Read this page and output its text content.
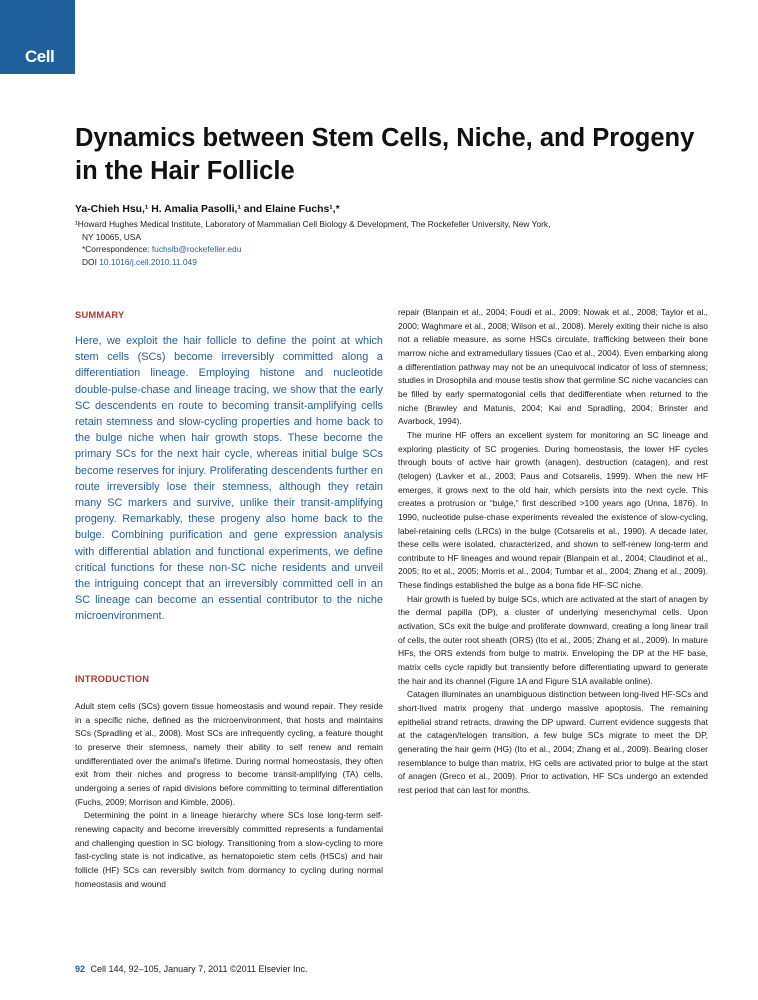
Cell
Dynamics between Stem Cells, Niche, and Progeny in the Hair Follicle
Ya-Chieh Hsu,¹ H. Amalia Pasolli,¹ and Elaine Fuchs¹,*
¹Howard Hughes Medical Institute, Laboratory of Mammalian Cell Biology & Development, The Rockefeller University, New York,
NY 10065, USA
*Correspondence: fuchslb@rockefeller.edu
DOI 10.1016/j.cell.2010.11.049
SUMMARY

Here, we exploit the hair follicle to define the point at which stem cells (SCs) become irreversibly committed along a differentiation lineage. Employing histone and nucleotide double-pulse-chase and lineage tracing, we show that the early SC descendents en route to becoming transit-amplifying cells retain stemness and slow-cycling properties and home back to the bulge niche when hair growth stops. These become the primary SCs for the next hair cycle, whereas initial bulge SCs become reserves for injury. Proliferating descendents further en route irreversibly lose their stemness, although they retain many SC markers and survive, unlike their transit-amplifying progeny. Remarkably, these progeny also home back to the bulge. Combining purification and gene expression analysis with differential ablation and functional experiments, we define critical functions for these non-SC niche residents and unveil the intriguing concept that an irreversibly committed cell in an SC lineage can become an essential contributor to the niche microenvironment.

INTRODUCTION

Adult stem cells (SCs) govern tissue homeostasis and wound repair. They reside in a specific niche, defined as the microenvironment, that hosts and maintains SCs (Spradling et al., 2008). Most SCs are infrequently cycling, a feature thought to preserve their stemness, namely their ability to self renew and remain undifferentiated over the animal's lifetime. During normal homeostasis, they often exit from their niches and progress to become transit-amplifying (TA) cells, undergoing a series of rapid divisions before committing to terminal differentiation (Fuchs, 2009; Morrison and Kimble, 2006).

Determining the point in a lineage hierarchy where SCs lose long-term self-renewing capacity and become irreversibly committed represents a fundamental and challenging question in SC biology. Transitioning from a slow-cycling to more fast-cycling state is not indicative, as hematopoietic stem cells (HSCs) and hair follicle (HF) SCs can reversibly switch from dormancy to cycling during normal homeostasis and wound

repair (Blanpain et al., 2004; Foudi et al., 2009; Nowak et al., 2008; Taylor et al., 2000; Waghmare et al., 2008; Wilson et al., 2008). Merely exiting their niche is also not a reliable measure, as some HSCs circulate, trafficking between their bone marrow niche and extramedullary tissues (Cao et al., 2004). Even embarking along a differentiation pathway may not be an unequivocal indicator of loss of stemness; studies in Drosophila and mouse testis show that germline SC niche vacancies can be filled by early spermatogonial cells that dedifferentiate when returned to the niche (Brawley and Matunis, 2004; Kai and Spradling, 2004; Brinster and Avarbock, 1994).

The murine HF offers an excellent system for monitoring an SC lineage and exploring plasticity of SC progenies. During homeostasis, the lower HF cycles through bouts of active hair growth (anagen), destruction (catagen), and rest (telogen) (Lavker et al., 2003; Paus and Cotsarelis, 1999). When the new HF emerges, it grows next to the old hair, which persists into the next cycle. This creates a protrusion or “bulge,” first described >100 years ago (Unna, 1876). In 1990, nucleotide pulse-chase experiments revealed the existence of slow-cycling, label-retaining cells (LRCs) in the bulge (Cotsarelis et al., 1990). A decade later, these cells were isolated, characterized, and shown to self-renew long-term and contribute to HF lineages and wound repair (Blanpain et al., 2004; Claudinot et al., 2005; Ito et al., 2005; Morris et al., 2004; Tumbar et al., 2004; Zhang et al., 2009). These findings established the bulge as a bona fide HF-SC niche.

Hair growth is fueled by bulge SCs, which are activated at the start of anagen by the dermal papilla (DP), a cluster of underlying mesenchymal cells. Upon activation, SCs exit the bulge and proliferate downward, creating a long linear trail of cells, the outer root sheath (ORS) (Ito et al., 2005; Zhang et al., 2009). In mature HFs, the ORS extends from bulge to matrix. Enveloping the DP at the HF base, matrix cells cycle rapidly but transiently before differentiating upward to generate the hair and its channel (Figure 1A and Figure S1A available online).

Catagen illuminates an unambiguous distinction between long-lived HF-SCs and short-lived matrix progeny that undergo massive apoptosis. The remaining epithelial strand retracts, drawing the DP upward. Current evidence suggests that at the catagen/telogen transition, a few bulge SCs migrate to meet the DP, generating the hair germ (HG) (Ito et al., 2004; Zhang et al., 2009). Bearing closer resemblance to bulge than matrix, HG cells are activated prior to bulge at the start of anagen (Greco et al., 2009). Prior to activation, HF SCs undergo an extended rest period that can last for months.

92 Cell 144, 92–105, January 7, 2011 ©2011 Elsevier Inc.
